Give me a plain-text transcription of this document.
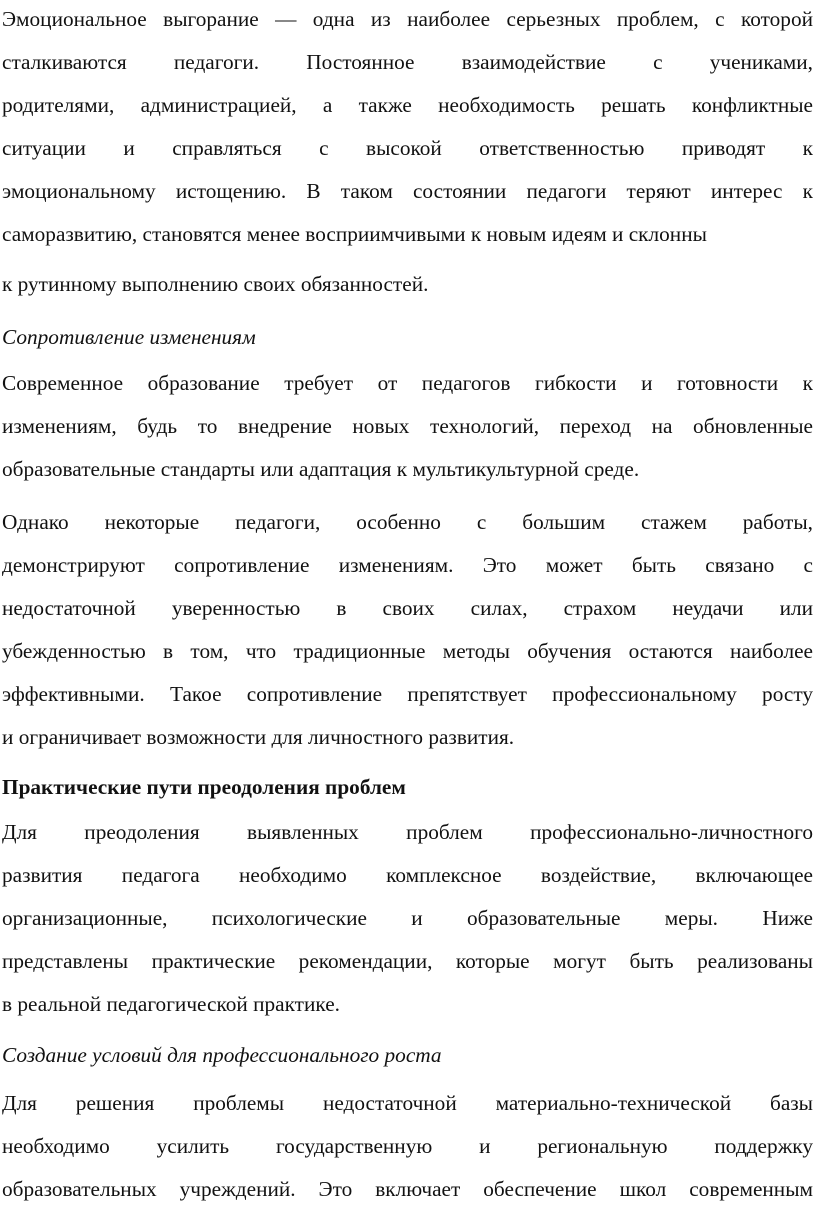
Эмоциональное выгорание — одна из наиболее серьезных проблем, с которой
сталкиваются педагоги. Постоянное взаимодействие с учениками,
родителями, администрацией, а также необходимость решать конфликтные
ситуации и справляться с высокой ответственностью приводят к
эмоциональному истощению. В таком состоянии педагоги теряют интерес к
саморазвитию, становятся менее восприимчивыми к новым идеям и склонны

к рутинному выполнению своих обязанностей.

Сопротивление изменениям

Современное образование требует от педагогов гибкости и готовности к
изменениям, будь то внедрение новых технологий, переход на обновленные
образовательные стандарты или адаптация к мультикультурной среде.

Однако некоторые педагоги, особенно с большим стажем работы,
демонстрируют сопротивление изменениям. Это может быть связано с
недостаточной уверенностью в своих силах, страхом неудачи или
убежденностью в том, что традиционные методы обучения остаются наиболее
эффективными. Такое сопротивление препятствует профессиональному росту
и ограничивает возможности для личностного развития.

Практические пути преодоления проблем

Для преодоления выявленных проблем профессионально-личностного
развития педагога необходимо комплексное воздействие, включающее
организационные, психологические и образовательные меры. Ниже
представлены практические рекомендации, которые могут быть реализованы
в реальной педагогической практике.

Создание условий для профессионального роста

Для решения проблемы недостаточной материально-технической базы
необходимо усилить государственную и региональную поддержку
образовательных учреждений. Это включает обеспечение школ современным
